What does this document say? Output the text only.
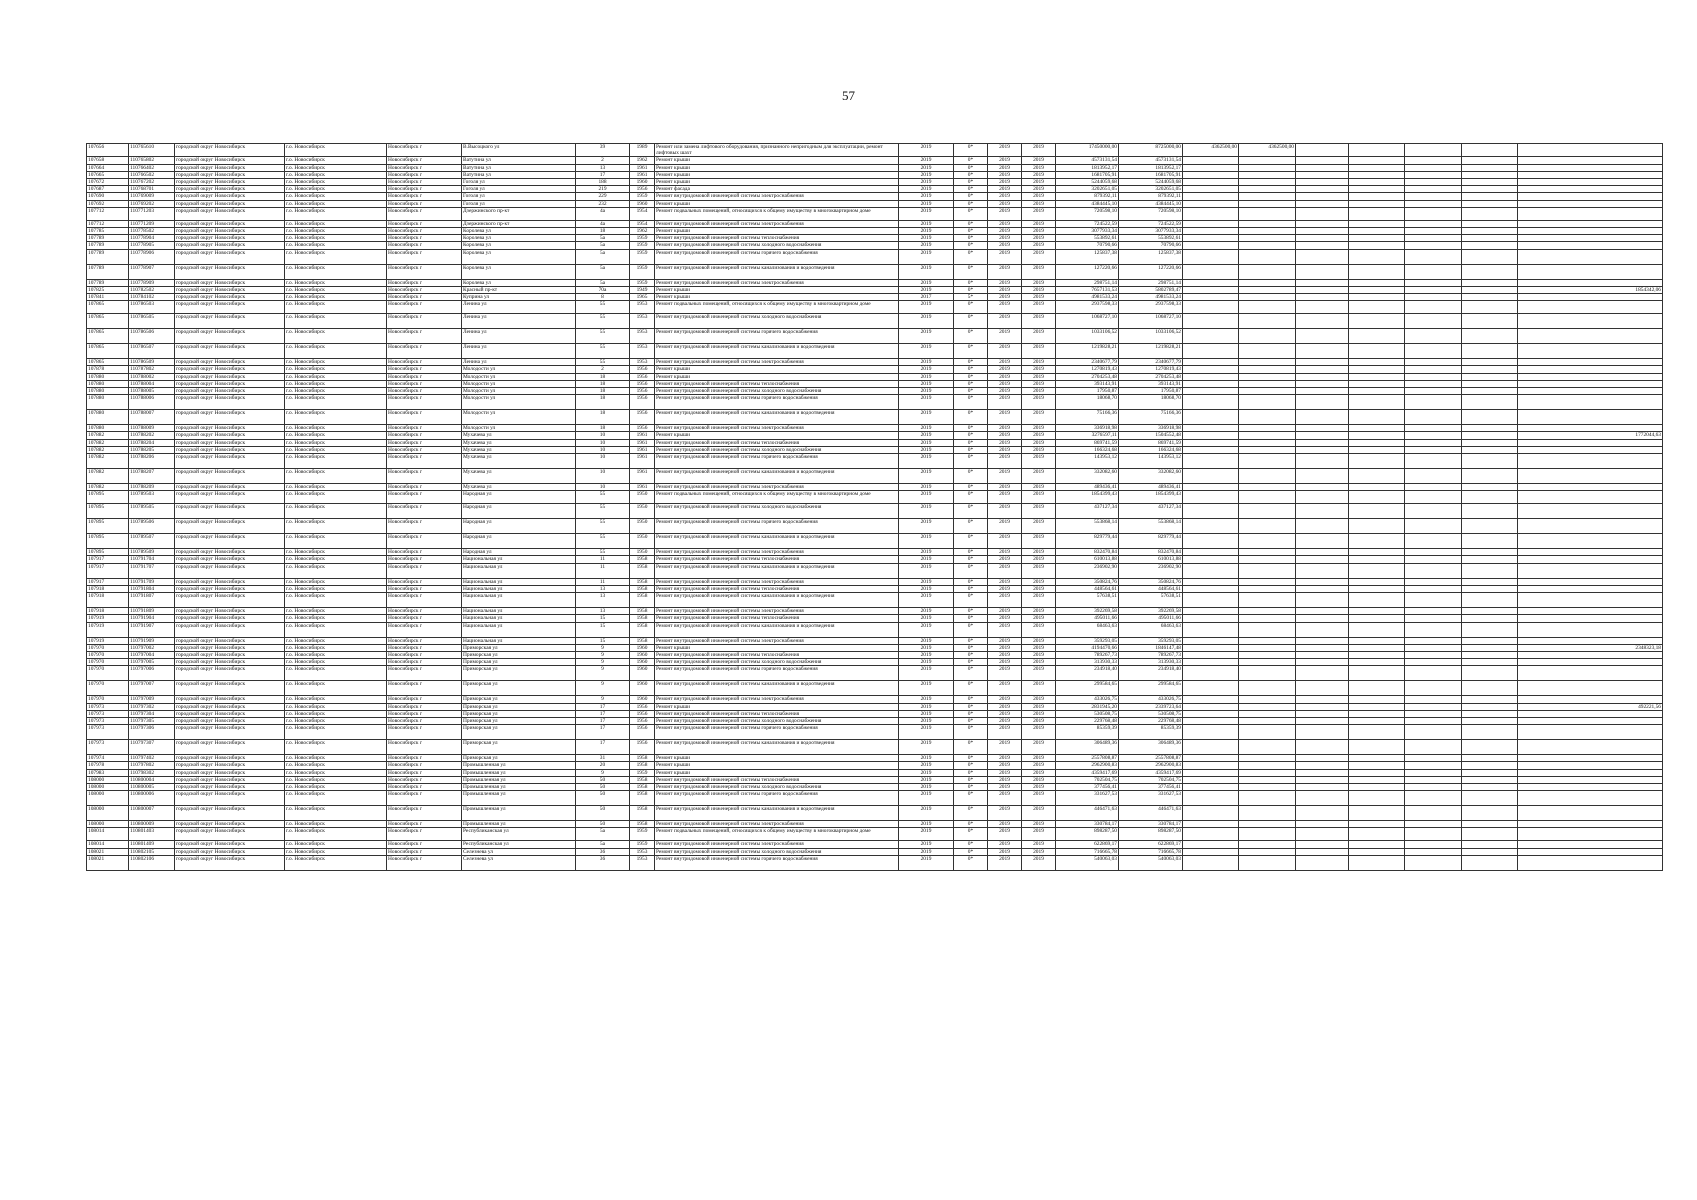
57
107656	110765610	городской округ Новосибирск	г.о. Новосибирск	Новосибирск г	В.Высоцкого ул	39	1989	Ремонт или замена лифтового оборудования, признанного непригодным для эксплуатации, ремонт лифтовых шахт	2019	0*	2019	2019	17450000,00	8725000,00	4362500,00	4362500,00					
107658	110765802	городской округ Новосибирск	г.о. Новосибирск	Новосибирск г	Ватутина ул	2	1962	Ремонт крыши	2019	0*	2019	2019	4573131,54	4573131,54							
107664	110766402	городской округ Новосибирск	г.о. Новосибирск	Новосибирск г	Ватутина ул	13	1961	Ремонт крыши	2019	0*	2019	2019	1813952,17	1813952,17							
107665	110766502	городской округ Новосибирск	г.о. Новосибирск	Новосибирск г	Ватутина ул	17	1961	Ремонт крыши	2019	0*	2019	2019	1681705,91	1681705,91							
107672	110767202	городской округ Новосибирск	г.о. Новосибирск	Новосибирск г	Гоголя ул	188	1960	Ремонт крыши	2019	0*	2019	2019	5244059,68	5244059,68							
107687	110768701	городской округ Новосибирск	г.о. Новосибирск	Новосибирск г	Гоголя ул	219	1956	Ремонт фасада	2019	0*	2019	2019	3202651,05	3202651,05							
107690	110769009	городской округ Новосибирск	г.о. Новосибирск	Новосибирск г	Гоголя ул	229	1959	Ремонт внутридомовой инженерной системы электроснабжения	2019	0*	2019	2019	879392,11	879392,11							
107692	110769202	городской округ Новосибирск	г.о. Новосибирск	Новосибирск г	Гоголя ул	232	1960	Ремонт крыши	2019	0*	2019	2019	4384445,10	4384445,10							
107712	110771203	городской округ Новосибирск	г.о. Новосибирск	Новосибирск г	Дзержинского пр-кт	4а	1954	Ремонт подвальных помещений, относящихся к общему имуществу в многоквартирном доме	2019	0*	2019	2019	720598,10	720598,10							
107712	110771209	городской округ Новосибирск	г.о. Новосибирск	Новосибирск г	Дзержинского пр-кт	4а	1954	Ремонт внутридомовой инженерной системы электроснабжения	2019	0*	2019	2019	724522,59	724522,59							
107785	110778502	городской округ Новосибирск	г.о. Новосибирск	Новосибирск г	Королева ул	18	1962	Ремонт крыши	2019	0*	2019	2019	3077933,34	3077933,34							
107789	110778904	городской округ Новосибирск	г.о. Новосибирск	Новосибирск г	Королева ул	5а	1959	Ремонт внутридомовой инженерной системы теплоснабжения	2019	0*	2019	2019	553892,61	553892,61							
107789	110778905	городской округ Новосибирск	г.о. Новосибирск	Новосибирск г	Королева ул	5а	1959	Ремонт внутридомовой инженерной системы холодного водоснабжения	2019	0*	2019	2019	70790,66	70790,66							
107789	110778906	городской округ Новосибирск	г.о. Новосибирск	Новосибирск г	Королева ул	5а	1959	Ремонт внутридомовой инженерной системы горячего водоснабжения	2019	0*	2019	2019	125837,38	125837,38							
107789	110778907	городской округ Новосибирск	г.о. Новосибирск	Новосибирск г	Королева ул	5а	1959	Ремонт внутридомовой инженерной системы канализования и водоотведения	2019	0*	2019	2019	127220,66	127220,66							
107789	110778909	городской округ Новосибирск	г.о. Новосибирск	Новосибирск г	Королева ул	5а	1959	Ремонт внутридомовой инженерной системы электроснабжения	2019	0*	2019	2019	298751,14	298751,14							
107825	110782502	городской округ Новосибирск	г.о. Новосибирск	Новосибирск г	Красный пр-кт	70а	1949	Ремонт крыши	2019	0*	2019	2019	7657131,53	5802789,47							1854342,06
107841	110784102	городской округ Новосибирск	г.о. Новосибирск	Новосибирск г	Куприна ул	8	1965	Ремонт крыши	2017	5*	2019	2019	4981533,24	4981533,24							
107865	110786503	городской округ Новосибирск	г.о. Новосибирск	Новосибирск г	Ленина ул	55	1953	Ремонт подвальных помещений, относящихся к общему имуществу в многоквартирном доме	2019	0*	2019	2019	2937598,33	2937598,33							
107865	110786505	городской округ Новосибирск	г.о. Новосибирск	Новосибирск г	Ленина ул	55	1953	Ремонт внутридомовой инженерной системы холодного водоснабжения	2019	0*	2019	2019	1068727,10	1068727,10							
107865	110786506	городской округ Новосибирск	г.о. Новосибирск	Новосибирск г	Ленина ул	55	1953	Ремонт внутридомовой инженерной системы горячего водоснабжения	2019	0*	2019	2019	1033106,52	1033106,52							
107865	110786507	городской округ Новосибирск	г.о. Новосибирск	Новосибирск г	Ленина ул	55	1953	Ремонт внутридомовой инженерной системы канализования и водоотведения	2019	0*	2019	2019	1219828,21	1219828,21							
107865	110786509	городской округ Новосибирск	г.о. Новосибирск	Новосибирск г	Ленина ул	55	1953	Ремонт внутридомовой инженерной системы электроснабжения	2019	0*	2019	2019	2340677,79	2340677,79							
107878	110787802	городской округ Новосибирск	г.о. Новосибирск	Новосибирск г	Молодости ул	2	1956	Ремонт крыши	2019	0*	2019	2019	1270819,43	1270819,43							
107880	110788002	городской округ Новосибирск	г.о. Новосибирск	Новосибирск г	Молодости ул	18	1956	Ремонт крыши	2019	0*	2019	2019	2704253,48	2704253,48							
107880	110788004	городской округ Новосибирск	г.о. Новосибирск	Новосибирск г	Молодости ул	18	1956	Ремонт внутридомовой инженерной системы теплоснабжения	2019	0*	2019	2019	393143,91	393143,91							
107880	110788005	городской округ Новосибирск	г.о. Новосибирск	Новосибирск г	Молодости ул	18	1956	Ремонт внутридомовой инженерной системы холодного водоснабжения	2019	0*	2019	2019	17950,87	17950,87							
107880	110788006	городской округ Новосибирск	г.о. Новосибирск	Новосибирск г	Молодости ул	18	1956	Ремонт внутридомовой инженерной системы горячего водоснабжения	2019	0*	2019	2019	18068,70	18068,70							
107880	110788007	городской округ Новосибирск	г.о. Новосибирск	Новосибирск г	Молодости ул	18	1956	Ремонт внутридомовой инженерной системы канализования и водоотведения	2019	0*	2019	2019	75166,36	75166,36							
107880	110788009	городской округ Новосибирск	г.о. Новосибирск	Новосибирск г	Молодости ул	18	1956	Ремонт внутридомовой инженерной системы электроснабжения	2019	0*	2019	2019	336918,98	336918,98							
107882	110788202	городской округ Новосибирск	г.о. Новосибирск	Новосибирск г	Мухачева ул	10	1961	Ремонт крыши	2019	0*	2019	2019	3276597,11	1504552,48							1772044,63
107882	110788204	городской округ Новосибирск	г.о. Новосибирск	Новосибирск г	Мухачева ул	10	1961	Ремонт внутридомовой инженерной системы теплоснабжения	2019	0*	2019	2019	869741,59	869741,59							
107882	110788205	городской округ Новосибирск	г.о. Новосибирск	Новосибирск г	Мухачева ул	10	1961	Ремонт внутридомовой инженерной системы холодного водоснабжения	2019	0*	2019	2019	166324,68	166324,68							
107882	110788206	городской округ Новосибирск	г.о. Новосибирск	Новосибирск г	Мухачева ул	10	1961	Ремонт внутридомовой инженерной системы горячего водоснабжения	2019	0*	2019	2019	143953,12	143953,12							
107882	110788207	городской округ Новосибирск	г.о. Новосибирск	Новосибирск г	Мухачева ул	10	1961	Ремонт внутридомовой инженерной системы канализования и водоотведения	2019	0*	2019	2019	332082,60	332082,60							
107882	110788209	городской округ Новосибирск	г.о. Новосибирск	Новосибирск г	Мухачева ул	10	1961	Ремонт внутридомовой инженерной системы электроснабжения	2019	0*	2019	2019	489436,41	489436,41							
107895	110789503	городской округ Новосибирск	г.о. Новосибирск	Новосибирск г	Народная ул	55	1950	Ремонт подвальных помещений, относящихся к общему имуществу в многоквартирном доме	2019	0*	2019	2019	1854399,43	1854399,43							
107895	110789505	городской округ Новосибирск	г.о. Новосибирск	Новосибирск г	Народная ул	55	1950	Ремонт внутридомовой инженерной системы холодного водоснабжения	2019	0*	2019	2019	437127,34	437127,34							
107895	110789506	городской округ Новосибирск	г.о. Новосибирск	Новосибирск г	Народная ул	55	1950	Ремонт внутридомовой инженерной системы горячего водоснабжения	2019	0*	2019	2019	553868,14	553868,14							
107895	110789507	городской округ Новосибирск	г.о. Новосибирск	Новосибирск г	Народная ул	55	1950	Ремонт внутридомовой инженерной системы канализования и водоотведения	2019	0*	2019	2019	829779,44	829779,44							
107895	110789509	городской округ Новосибирск	г.о. Новосибирск	Новосибирск г	Народная ул	55	1950	Ремонт внутридомовой инженерной системы электроснабжения	2019	0*	2019	2019	832470,84	832470,84							
107917	110791704	городской округ Новосибирск	г.о. Новосибирск	Новосибирск г	Национальная ул	11	1958	Ремонт внутридомовой инженерной системы теплоснабжения	2019	0*	2019	2019	610013,88	610013,88							
107917	110791707	городской округ Новосибирск	г.о. Новосибирск	Новосибирск г	Национальная ул	11	1958	Ремонт внутридомовой инженерной системы канализования и водоотведения	2019	0*	2019	2019	236902,90	236902,90							
107917	110791709	городской округ Новосибирск	г.о. Новосибирск	Новосибирск г	Национальная ул	11	1958	Ремонт внутридомовой инженерной системы электроснабжения	2019	0*	2019	2019	350824,76	350824,76							
107918	110791804	городской округ Новосибирск	г.о. Новосибирск	Новосибирск г	Национальная ул	13	1958	Ремонт внутридомовой инженерной системы теплоснабжения	2019	0*	2019	2019	448564,61	448564,61							
107918	110791807	городской округ Новосибирск	г.о. Новосибирск	Новосибирск г	Национальная ул	13	1958	Ремонт внутридомовой инженерной системы канализования и водоотведения	2019	0*	2019	2019	57638,51	57638,51							
107918	110791809	городской округ Новосибирск	г.о. Новосибирск	Новосибирск г	Национальная ул	13	1958	Ремонт внутридомовой инженерной системы электроснабжения	2019	0*	2019	2019	392269,58	392269,58							
107919	110791904	городской округ Новосибирск	г.о. Новосибирск	Новосибирск г	Национальная ул	15	1958	Ремонт внутридомовой инженерной системы теплоснабжения	2019	0*	2019	2019	495011,66	495011,66							
107919	110791907	городской округ Новосибирск	г.о. Новосибирск	Новосибирск г	Национальная ул	15	1958	Ремонт внутридомовой инженерной системы канализования и водоотведения	2019	0*	2019	2019	68463,63	68463,63							
107919	110791909	городской округ Новосибирск	г.о. Новосибирск	Новосибирск г	Национальная ул	15	1958	Ремонт внутридомовой инженерной системы электроснабжения	2019	0*	2019	2019	359293,05	359293,05							
107970	110797002	городской округ Новосибирск	г.о. Новосибирск	Новосибирск г	Приморская ул	9	1960	Ремонт крыши	2019	0*	2019	2019	4194470,66	1846147,48							2348323,18
107970	110797004	городской округ Новосибирск	г.о. Новосибирск	Новосибирск г	Приморская ул	9	1960	Ремонт внутридомовой инженерной системы теплоснабжения	2019	0*	2019	2019	789267,73	789267,73							
107970	110797005	городской округ Новосибирск	г.о. Новосибирск	Новосибирск г	Приморская ул	9	1960	Ремонт внутридомовой инженерной системы холодного водоснабжения	2019	0*	2019	2019	313930,33	313930,33							
107970	110797006	городской округ Новосибирск	г.о. Новосибирск	Новосибирск г	Приморская ул	9	1960	Ремонт внутридомовой инженерной системы горячего водоснабжения	2019	0*	2019	2019	234918,40	234918,40							
107970	110797007	городской округ Новосибирск	г.о. Новосибирск	Новосибирск г	Приморская ул	9	1960	Ремонт внутридомовой инженерной системы канализования и водоотведения	2019	0*	2019	2019	299584,65	299584,65							
107970	110797009	городской округ Новосибирск	г.о. Новосибирск	Новосибирск г	Приморская ул	9	1960	Ремонт внутридомовой инженерной системы электроснабжения	2019	0*	2019	2019	433026,75	433026,75							
107973	110797302	городской округ Новосибирск	г.о. Новосибирск	Новосибирск г	Приморская ул	17	1956	Ремонт крыши	2019	0*	2019	2019	2831945,20	2339723,64							492221,56
107973	110797304	городской округ Новосибирск	г.о. Новосибирск	Новосибирск г	Приморская ул	17	1956	Ремонт внутридомовой инженерной системы теплоснабжения	2019	0*	2019	2019	530508,75	530508,75							
107973	110797305	городской округ Новосибирск	г.о. Новосибирск	Новосибирск г	Приморская ул	17	1956	Ремонт внутридомовой инженерной системы холодного водоснабжения	2019	0*	2019	2019	229768,48	229768,48							
107973	110797306	городской округ Новосибирск	г.о. Новосибирск	Новосибирск г	Приморская ул	17	1956	Ремонт внутридомовой инженерной системы горячего водоснабжения	2019	0*	2019	2019	85359,39	85359,39							
107973	110797307	городской округ Новосибирск	г.о. Новосибирск	Новосибирск г	Приморская ул	17	1956	Ремонт внутридомовой инженерной системы канализования и водоотведения	2019	0*	2019	2019	306489,36	306489,36							
107974	110797402	городской округ Новосибирск	г.о. Новосибирск	Новосибирск г	Приморская ул	31	1958	Ремонт крыши	2019	0*	2019	2019	2557808,87	2557808,87							
107978	110797802	городской округ Новосибирск	г.о. Новосибирск	Новосибирск г	Промышленная ул	20	1958	Ремонт крыши	2019	0*	2019	2019	2962900,83	2962900,83							
107983	110798302	городской округ Новосибирск	г.о. Новосибирск	Новосибирск г	Промышленная ул	9	1959	Ремонт крыши	2019	0*	2019	2019	4359417,69	4359417,69							
108000	110800004	городской округ Новосибирск	г.о. Новосибирск	Новосибирск г	Промышленная ул	50	1958	Ремонт внутридомовой инженерной системы теплоснабжения	2019	0*	2019	2019	702504,75	702504,75							
108000	110800005	городской округ Новосибирск	г.о. Новосибирск	Новосибирск г	Промышленная ул	50	1958	Ремонт внутридомовой инженерной системы холодного водоснабжения	2019	0*	2019	2019	377456,41	377456,41							
108000	110800006	городской округ Новосибирск	г.о. Новосибирск	Новосибирск г	Промышленная ул	50	1958	Ремонт внутридомовой инженерной системы горячего водоснабжения	2019	0*	2019	2019	331627,53	331627,53							
108000	110800007	городской округ Новосибирск	г.о. Новосибирск	Новосибирск г	Промышленная ул	50	1958	Ремонт внутридомовой инженерной системы канализования и водоотведения	2019	0*	2019	2019	446471,63	446471,63							
108000	110800009	городской округ Новосибирск	г.о. Новосибирск	Новосибирск г	Промышленная ул	50	1958	Ремонт внутридомовой инженерной системы электроснабжения	2019	0*	2019	2019	330784,17	330784,17							
108014	110801403	городской округ Новосибирск	г.о. Новосибирск	Новосибирск г	Республиканская ул	5а	1959	Ремонт подвальных помещений, относящихся к общему имуществу в многоквартирном доме	2019	0*	2019	2019	898287,50	898287,50							
108014	110801409	городской округ Новосибирск	г.о. Новосибирск	Новосибирск г	Республиканская ул	5а	1959	Ремонт внутридомовой инженерной системы электроснабжения	2019	0*	2019	2019	622869,17	622869,17							
108021	110802105	городской округ Новосибирск	г.о. Новосибирск	Новосибирск г	Селезнева ул	36	1953	Ремонт внутридомовой инженерной системы холодного водоснабжения	2019	0*	2019	2019	716665,78	716665,78							
108021	110802106	городской округ Новосибирск	г.о. Новосибирск	Новосибирск г	Селезнева ул	36	1953	Ремонт внутридомовой инженерной системы горячего водоснабжения	2019	0*	2019	2019	540063,03	540063,03							
